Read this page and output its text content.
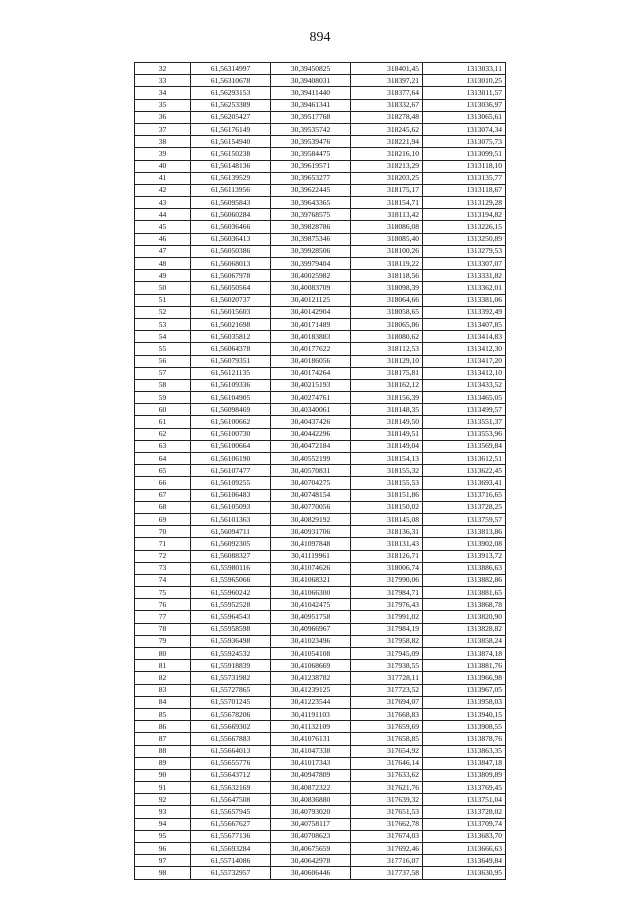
894
32	61,56314997	30,39450825	318401,45	1313033,11
33	61,56310678	30,39408031	318397,21	1313010,25
34	61,56293153	30,39411440	318377,64	1313011,57
35	61,56253389	30,39461341	318332,67	1313036,97
36	61,56205427	30,39517768	318278,48	1313065,61
37	61,56176149	30,39535742	318245,62	1313074,34
38	61,56154940	30,39539476	318221,94	1313075,73
39	61,56150238	30,39584475	318216,10	1313099,51
40	61,56148136	30,39619571	318213,29	1313118,10
41	61,56139529	30,39653277	318203,25	1313135,77
42	61,56113956	30,39622445	318175,17	1313118,67
43	61,56095843	30,39643365	318154,71	1313129,28
44	61,56060284	30,39768575	318113,42	1313194,82
45	61,56036466	30,39828786	318086,08	1313226,15
46	61,56036413	30,39875346	318085,40	1313250,89
47	61,56050386	30,39928506	318100,26	1313279,53
48	61,56068013	30,39979404	318119,22	1313307,07
49	61,56067978	30,40025982	318118,56	1313331,82
50	61,56050564	30,40083709	318098,39	1313362,01
51	61,56020737	30,40121125	318064,66	1313381,06
52	61,56015603	30,40142904	318058,65	1313392,49
53	61,56021698	30,40171489	318065,06	1313407,85
54	61,56035812	30,40183883	318080,62	1313414,83
55	61,56064378	30,40177622	318112,53	1313412,30
56	61,56079351	30,40186056	318129,10	1313417,20
57	61,56121135	30,40174264	318175,81	1313412,10
58	61,56109336	30,40215193	318162,12	1313433,52
59	61,56104905	30,40274761	318156,39	1313465,05
60	61,56098469	30,40340061	318148,35	1313499,57
61	61,56100662	30,40437426	318149,50	1313551,37
62	61,56100730	30,40442296	318149,51	1313553,96
63	61,56100664	30,40472184	318149,04	1313569,84
64	61,56106190	30,40552199	318154,13	1313612,51
65	61,56107477	30,40570831	318155,32	1313622,45
66	61,56109255	30,40704275	318155,53	1313693,41
67	61,56106483	30,40748154	318151,86	1313716,65
68	61,56105093	30,40770056	318150,02	1313728,25
69	61,56101363	30,40829192	318145,08	1313759,57
70	61,56094711	30,40931706	318136,31	1313813,86
71	61,56092305	30,41097848	318131,43	1313902,08
72	61,56088327	30,41119961	318126,71	1313913,72
73	61,55980116	30,41074626	318006,74	1313886,63
74	61,55965066	30,41068321	317990,06	1313882,86
75	61,55960242	30,41066300	317984,71	1313881,65
76	61,55952528	30,41042475	317976,43	1313868,78
77	61,55964543	30,40951758	317991,02	1313820,90
78	61,55958598	30,40966967	317984,19	1313828,82
79	61,55936498	30,41023496	317958,82	1313858,24
80	61,55924532	30,41054108	317945,09	1313874,18
81	61,55918839	30,41068669	317938,55	1313881,76
82	61,55731982	30,41238782	317728,11	1313966,98
83	61,55727865	30,41239125	317723,52	1313967,05
84	61,55701245	30,41223544	317694,07	1313958,03
85	61,55678206	30,41191103	317668,83	1313940,15
86	61,55669302	30,41132109	317659,69	1313908,55
87	61,55667883	30,41076131	317658,85	1313878,76
88	61,55664013	30,41047338	317654,92	1313863,35
89	61,55655776	30,41017343	317646,14	1313847,18
90	61,55643712	30,40947809	317633,62	1313809,89
91	61,55632169	30,40872322	317621,76	1313769,45
92	61,55647508	30,40836880	317639,32	1313751,04
93	61,55657945	30,40793020	317651,53	1313728,02
94	61,55667627	30,40758117	317662,78	1313709,74
95	61,55677136	30,40708623	317674,03	1313683,70
96	61,55693284	30,40675659	317692,46	1313666,63
97	61,55714086	30,40642978	317716,07	1313649,84
98	61,55732957	30,40606446	317737,58	1313630,95
